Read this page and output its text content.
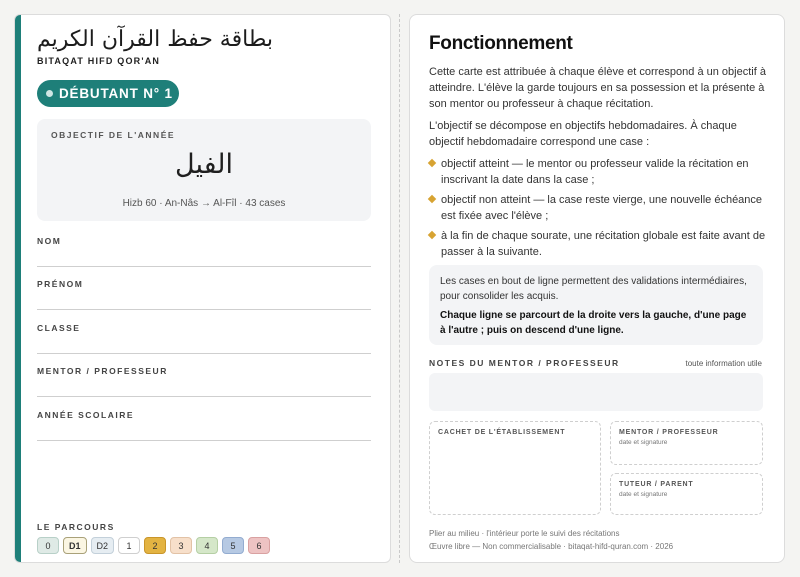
بطاقة حفظ القرآن الكريم
BITAQAT HIFD QOR'AN
DÉBUTANT N° 1
OBJECTIF DE L'ANNÉE
الفيل
Hizb 60 · An-Nâs → Al-Fîl · 43 cases
NOM
PRÉNOM
CLASSE
MENTOR / PROFESSEUR
ANNÉE SCOLAIRE
LE PARCOURS
0	D1	D2	1	2	3	4	5	6
Fonctionnement
Cette carte est attribuée à chaque élève et correspond à un objectif à atteindre. L'élève la garde toujours en sa possession et la présente à son mentor ou professeur à chaque récitation.
L'objectif se décompose en objectifs hebdomadaires. À chaque objectif hebdomadaire correspond une case :
objectif atteint — le mentor ou professeur valide la récitation en inscrivant la date dans la case ;
objectif non atteint — la case reste vierge, une nouvelle échéance est fixée avec l'élève ;
à la fin de chaque sourate, une récitation globale est faite avant de passer à la suivante.
Les cases en bout de ligne permettent des validations intermédiaires, pour consolider les acquis.
Chaque ligne se parcourt de la droite vers la gauche, d'une page à l'autre ; puis on descend d'une ligne.
NOTES DU MENTOR / PROFESSEUR	toute information utile
CACHET DE L'ÉTABLISSEMENT	MENTOR / PROFESSEUR
date et signature
TUTEUR / PARENT
date et signature
Plier au milieu · l'intérieur porte le suivi des récitations
Œuvre libre — Non commercialisable · bitaqat-hifd-quran.com · 2026
